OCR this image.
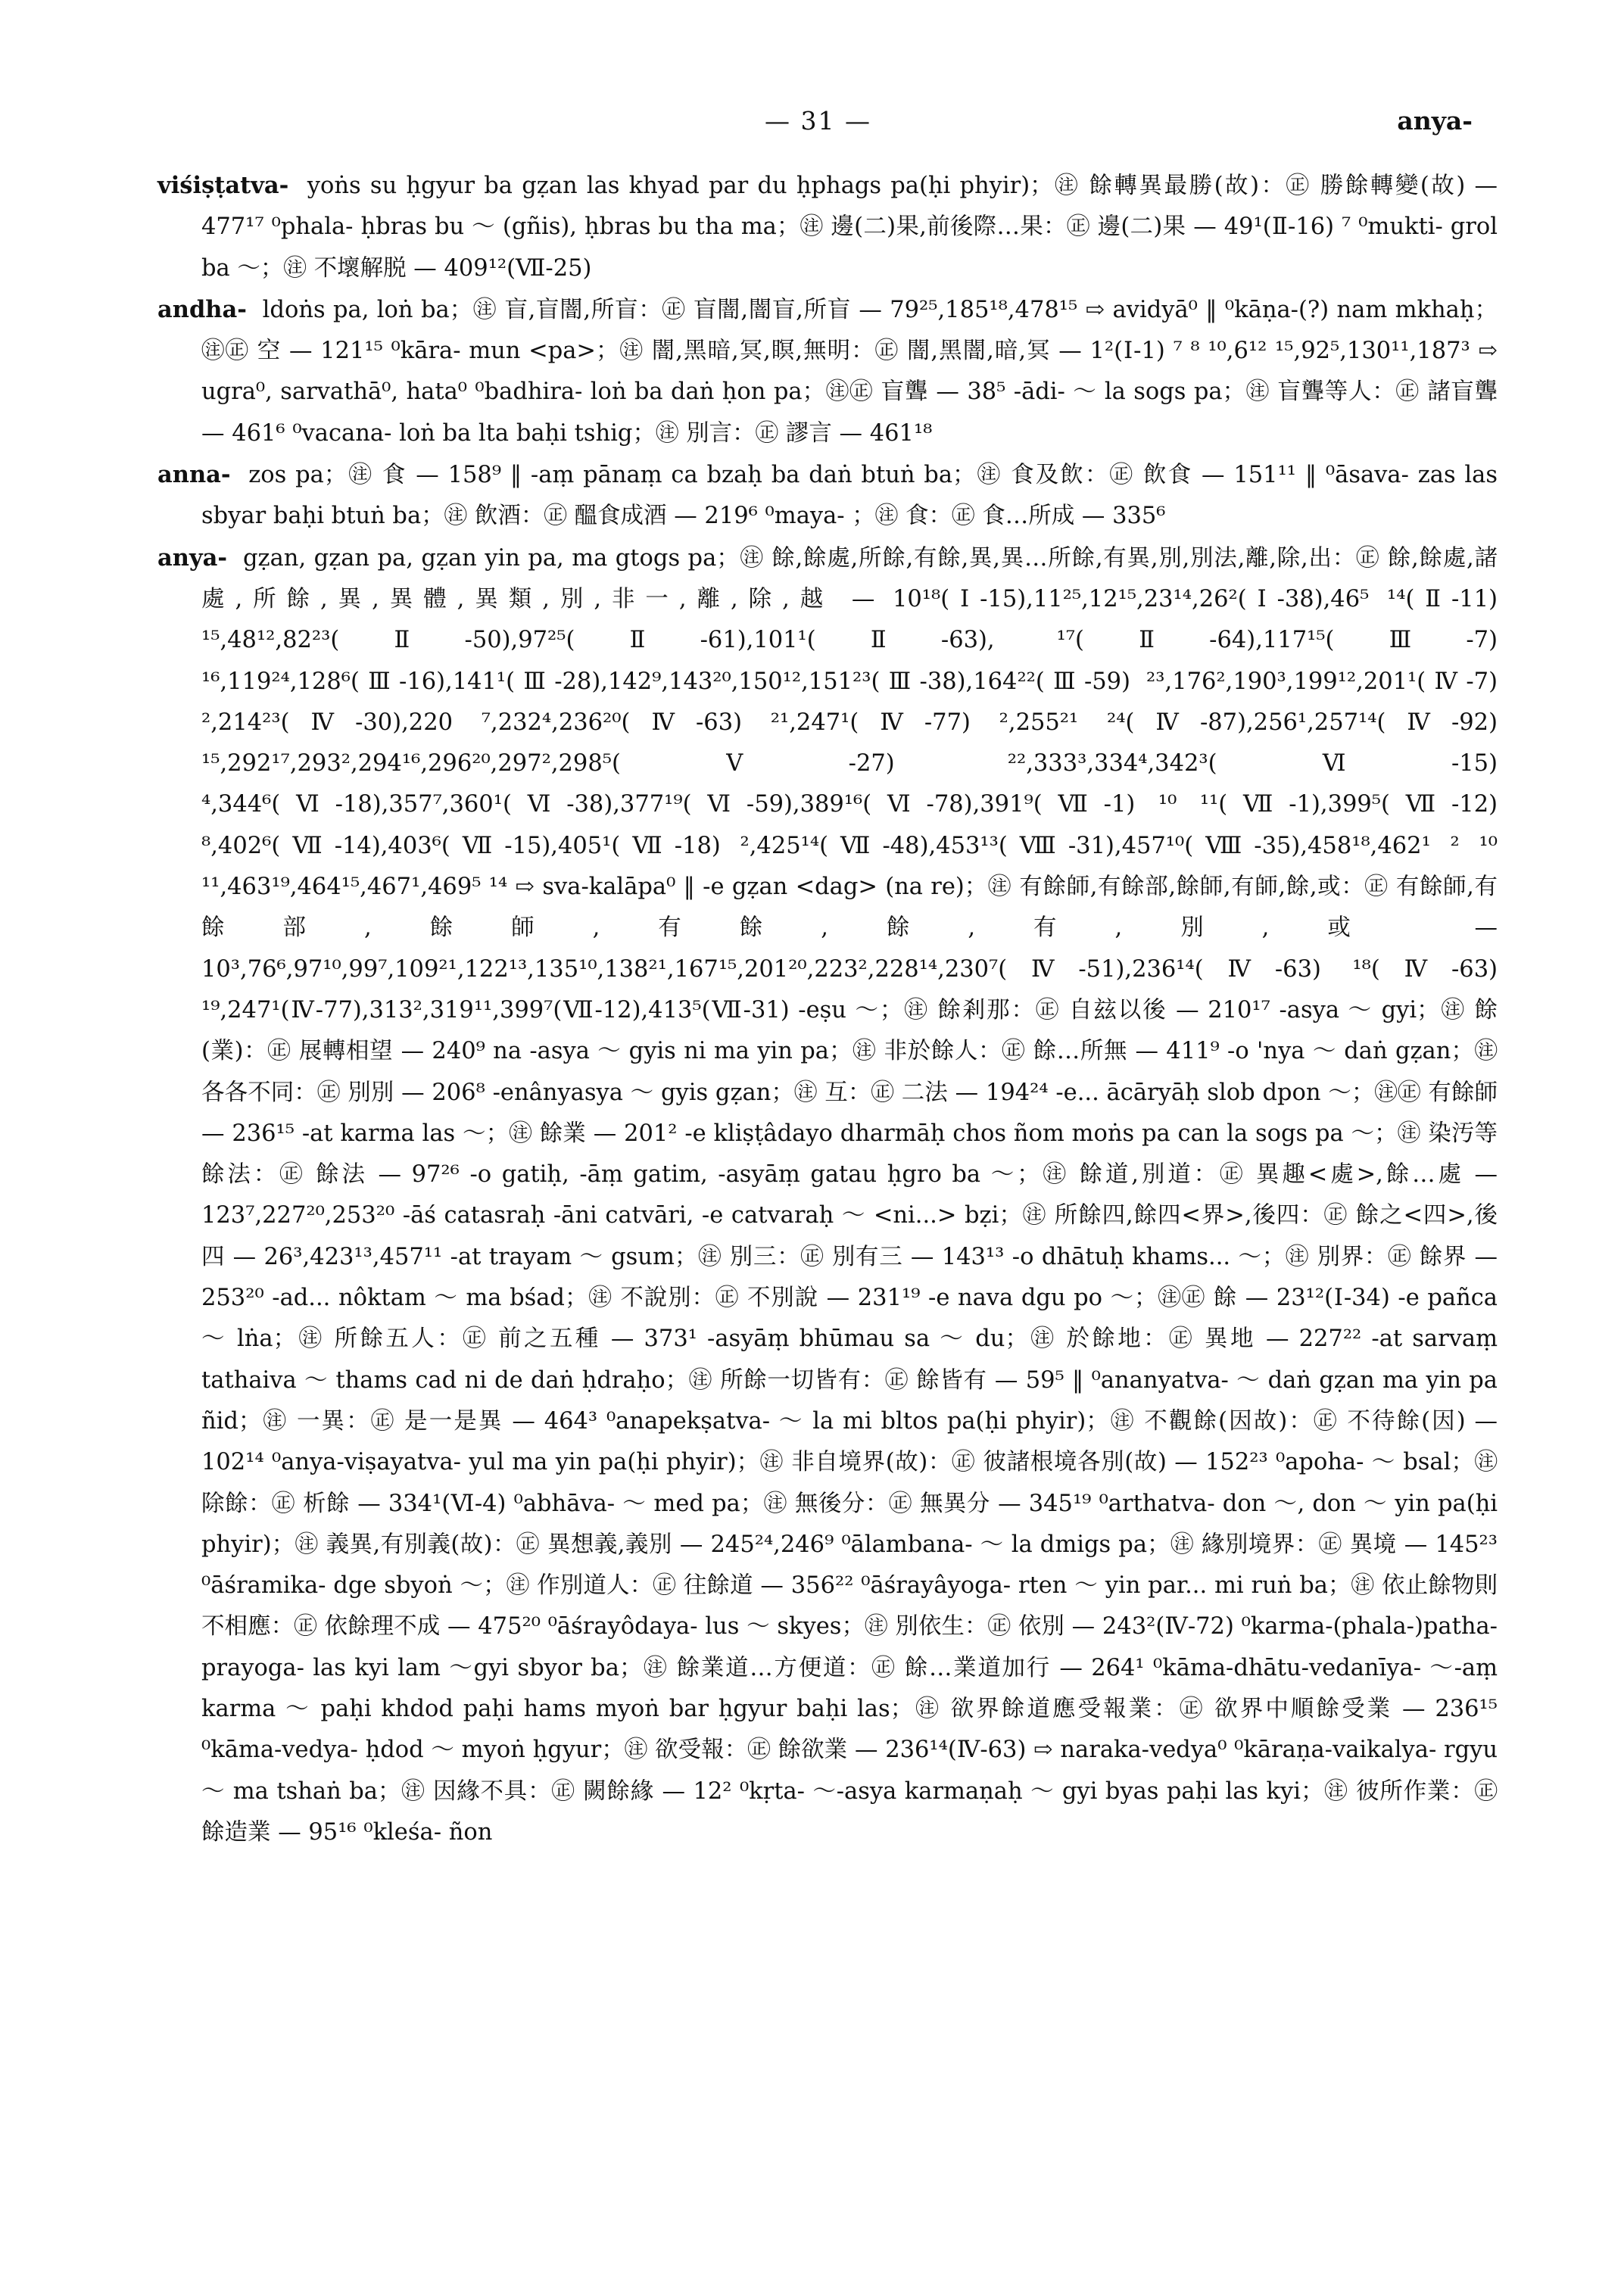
— 31 —	anya-

viśiṣṭatva- yoṅs su ḥgyur ba gẓan las khyad par du ḥphags pa(ḥi phyir)；㊟ 餘轉異最勝(故)：㊣ 勝餘轉變(故) — 477¹⁷ ⁰phala- ḥbras bu ～ (gñis), ḥbras bu tha ma；㊟ 邊(二)果,前後際…果：㊣ 邊(二)果 — 49¹(Ⅱ-16) ⁷ ⁰mukti- grol ba ～；㊟ 不壞解脱 — 409¹²(Ⅶ-25)

andha- ldoṅs pa, loṅ ba；㊟ 盲,盲闇,所盲：㊣ 盲闇,闇盲,所盲 — 79²⁵,185¹⁸,478¹⁵ ⇨ avidyā⁰ ‖ ⁰kāṇa-(?) nam mkhaḥ；㊟㊣ 空 — 121¹⁵ ⁰kāra- mun <pa>；㊟ 闇,黑暗,冥,瞑,無明：㊣ 闇,黑闇,暗,冥 — 1²(Ⅰ-1) ⁷ ⁸ ¹⁰,6¹² ¹⁵,92⁵,130¹¹,187³ ⇨ ugra⁰, sarvathā⁰, hata⁰ ⁰badhira- loṅ ba daṅ ḥon pa；㊟㊣ 盲聾 — 38⁵ -ādi- ～ la sogs pa；㊟ 盲聾等人：㊣ 諸盲聾 — 461⁶ ⁰vacana- loṅ ba lta baḥi tshig；㊟ 別言：㊣ 謬言 — 461¹⁸

anna- zos pa；㊟ 食 — 158⁹ ‖ -aṃ pānaṃ ca bzaḥ ba daṅ btuṅ ba；㊟ 食及飲：㊣ 飲食 — 151¹¹ ‖ ⁰āsava- zas las sbyar baḥi btuṅ ba；㊟ 飲酒：㊣ 醞食成酒 — 219⁶ ⁰maya- ；㊟ 食：㊣ 食…所成 — 335⁶

anya- gẓan, gẓan pa, gẓan yin pa, ma gtogs pa；㊟ 餘,餘處,所餘,有餘,異,異…所餘,有異,別,別法,離,除,出：㊣ 餘,餘處,諸處,所餘,異,異體,異類,別,非一,離,除,越 — 10¹⁸(Ⅰ-15),11²⁵,12¹⁵,23¹⁴,26²(Ⅰ-38),46⁵ ¹⁴(Ⅱ-11) ¹⁵,48¹²,82²³(Ⅱ-50),97²⁵(Ⅱ-61),101¹(Ⅱ-63), ¹⁷(Ⅱ-64),117¹⁵(Ⅲ-7) ¹⁶,119²⁴,128⁶(Ⅲ-16),141¹(Ⅲ-28),142⁹,143²⁰,150¹²,151²³(Ⅲ-38),164²²(Ⅲ-59) ²³,176²,190³,199¹²,201¹(Ⅳ-7) ²,214²³(Ⅳ-30),220 ⁷,232⁴,236²⁰(Ⅳ-63) ²¹,247¹(Ⅳ-77) ²,255²¹ ²⁴(Ⅳ-87),256¹,257¹⁴(Ⅳ-92) ¹⁵,292¹⁷,293²,294¹⁶,296²⁰,297²,298⁵(Ⅴ-27) ²²,333³,334⁴,342³(Ⅵ-15) ⁴,344⁶(Ⅵ-18),357⁷,360¹(Ⅵ-38),377¹⁹(Ⅵ-59),389¹⁶(Ⅵ-78),391⁹(Ⅶ-1) ¹⁰ ¹¹(Ⅶ-1),399⁵(Ⅶ-12) ⁸,402⁶(Ⅶ-14),403⁶(Ⅶ-15),405¹(Ⅶ-18) ²,425¹⁴(Ⅶ-48),453¹³(Ⅷ-31),457¹⁰(Ⅷ-35),458¹⁸,462¹ ² ¹⁰ ¹¹,463¹⁹,464¹⁵,467¹,469⁵ ¹⁴ ⇨ sva-kalāpa⁰ ‖ -e gẓan <dag> (na re)；㊟ 有餘師,有餘部,餘師,有師,餘,或：㊣ 有餘師,有餘部,餘師,有餘,餘,有,別,或 — 10³,76⁶,97¹⁰,99⁷,109²¹,122¹³,135¹⁰,138²¹,167¹⁵,201²⁰,223²,228¹⁴,230⁷(Ⅳ-51),236¹⁴(Ⅳ-63) ¹⁸(Ⅳ-63) ¹⁹,247¹(Ⅳ-77),313²,319¹¹,399⁷(Ⅶ-12),413⁵(Ⅶ-31) -eṣu ～；㊟ 餘剎那：㊣ 自玆以後 — 210¹⁷ -asya ～ gyi；㊟ 餘(業)：㊣ 展轉相望 — 240⁹ na -asya ～ gyis ni ma yin pa；㊟ 非於餘人：㊣ 餘…所無 — 411⁹ -o 'nya ～ daṅ gẓan；㊟ 各各不同：㊣ 別別 — 206⁸ -enânyasya ～ gyis gẓan；㊟ 互：㊣ 二法 — 194²⁴ -e... ācāryāḥ slob dpon ～；㊟㊣ 有餘師 — 236¹⁵ -at karma las ～；㊟ 餘業 — 201² -e kliṣṭâdayo dharmāḥ chos ñom moṅs pa can la sogs pa ～；㊟ 染汚等餘法：㊣ 餘法 — 97²⁶ -o gatiḥ, -āṃ gatim, -asyāṃ gatau ḥgro ba ～；㊟ 餘道,別道：㊣ 異趣<處>,餘…處 — 123⁷,227²⁰,253²⁰ -āś catasraḥ -āni catvāri, -e catvaraḥ ～ <ni...> bẓi；㊟ 所餘四,餘四<界>,後四：㊣ 餘之<四>,後四 — 26³,423¹³,457¹¹ -at trayam ～ gsum；㊟ 別三：㊣ 別有三 — 143¹³ -o dhātuḥ khams... ～；㊟ 別界：㊣ 餘界 — 253²⁰ -ad... nôktam ～ ma bśad；㊟ 不說別：㊣ 不別說 — 231¹⁹ -e nava dgu po ～；㊟㊣ 餘 — 23¹²(Ⅰ-34) -e pañca ～ lṅa；㊟ 所餘五人：㊣ 前之五種 — 373¹ -asyāṃ bhūmau sa ～ du；㊟ 於餘地：㊣ 異地 — 227²² -at sarvaṃ tathaiva ～ thams cad ni de daṅ ḥdraḥo；㊟ 所餘一切皆有：㊣ 餘皆有 — 59⁵ ‖ ⁰ananyatva- ～ daṅ gẓan ma yin pa ñid；㊟ 一異：㊣ 是一是異 — 464³ ⁰anapekṣatva- ～ la mi bltos pa(ḥi phyir)；㊟ 不觀餘(因故)：㊣ 不待餘(因) — 102¹⁴ ⁰anya-viṣayatva- yul ma yin pa(ḥi phyir)；㊟ 非自境界(故)：㊣ 彼諸根境各別(故) — 152²³ ⁰apoha- ～ bsal；㊟ 除餘：㊣ 析餘 — 334¹(Ⅵ-4) ⁰abhāva- ～ med pa；㊟ 無後分：㊣ 無異分 — 345¹⁹ ⁰arthatva- don ～, don ～ yin pa(ḥi phyir)；㊟ 義異,有別義(故)：㊣ 異想義,義別 — 245²⁴,246⁹ ⁰ālambana- ～ la dmigs pa；㊟ 緣別境界：㊣ 異境 — 145²³ ⁰āśramika- dge sbyoṅ ～；㊟ 作別道人：㊣ 往餘道 — 356²² ⁰āśrayâyoga- rten ～ yin par... mi ruṅ ba；㊟ 依止餘物則不相應：㊣ 依餘理不成 — 475²⁰ ⁰āśrayôdaya- lus ～ skyes；㊟ 別依生：㊣ 依別 — 243²(Ⅳ-72) ⁰karma-(phala-)patha-prayoga- las kyi lam ～gyi sbyor ba；㊟ 餘業道…方便道：㊣ 餘…業道加行 — 264¹ ⁰kāma-dhātu-vedanīya- ～-aṃ karma ～ paḥi khdod paḥi hams myoṅ bar ḥgyur baḥi las；㊟ 欲界餘道應受報業：㊣ 欲界中順餘受業 — 236¹⁵ ⁰kāma-vedya- ḥdod ～ myoṅ ḥgyur；㊟ 欲受報：㊣ 餘欲業 — 236¹⁴(Ⅳ-63) ⇨ naraka-vedya⁰ ⁰kāraṇa-vaikalya- rgyu ～ ma tshaṅ ba；㊟ 因緣不具：㊣ 闕餘緣 — 12² ⁰kṛta- ～-asya karmaṇaḥ ～ gyi byas paḥi las kyi；㊟ 彼所作業：㊣ 餘造業 — 95¹⁶ ⁰kleśa- ñon
